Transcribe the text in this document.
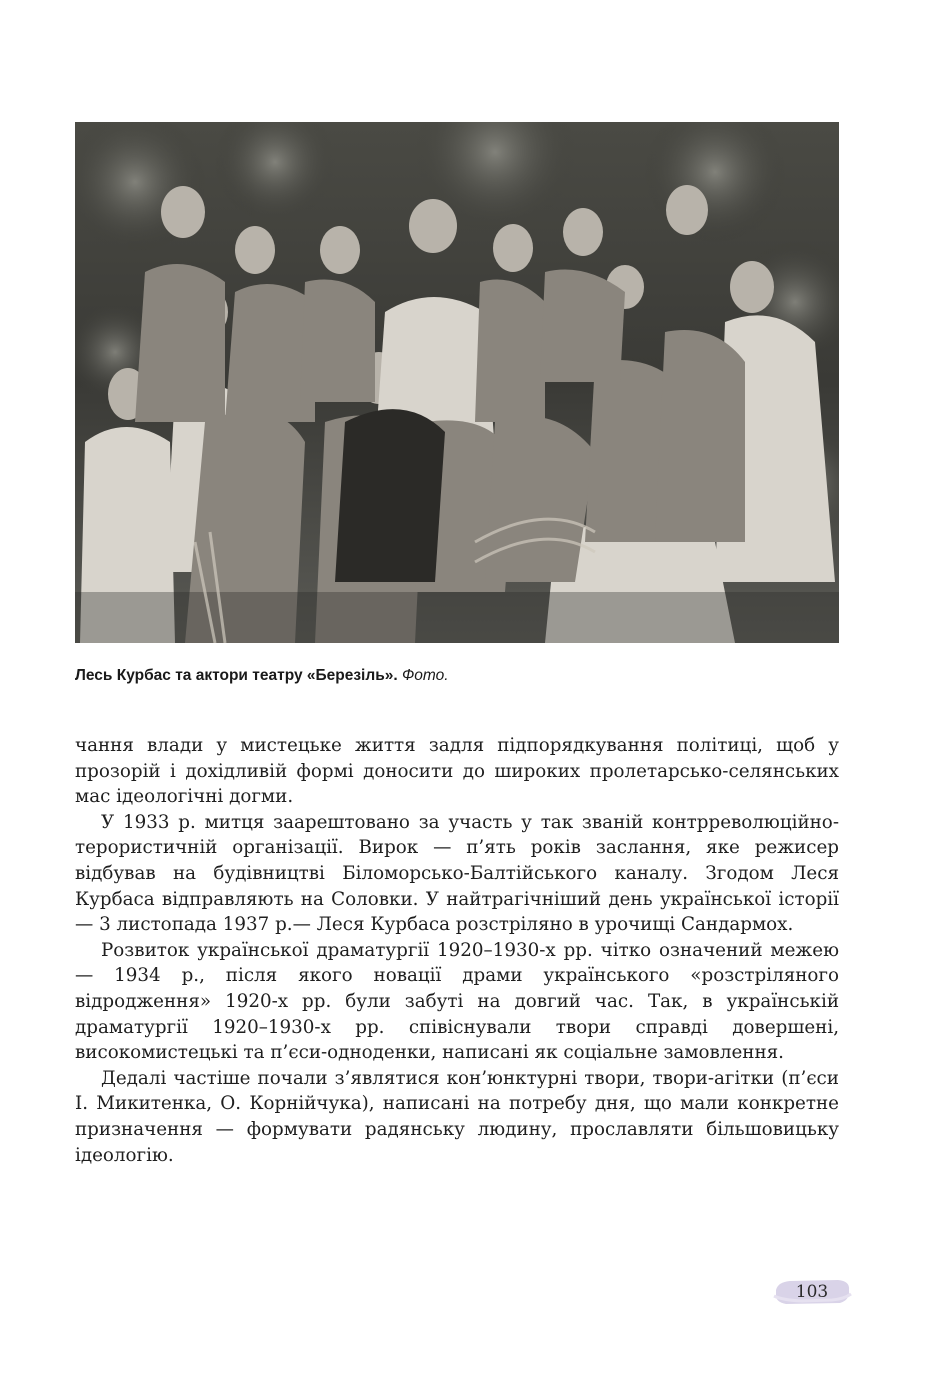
Лесь Курбас та актори театру «Березіль». Фото.

чання влади у мистецьке життя задля підпорядкування політиці, щоб у прозорій і дохідливій формі доносити до широких пролетарсько-селянських мас ідеологічні догми.

У 1933 р. митця заарештовано за участь у так званій контрреволюційно-терористичній організації. Вирок — п’ять років заслання, яке режисер відбував на будівництві Біломорсько-Балтійського каналу. Згодом Леся Курбаса відправляють на Соловки. У найтрагічніший день української історії — 3 листопада 1937 р.— Леся Курбаса розстріляно в урочищі Сандармох.

Розвиток української драматургії 1920–1930-х рр. чітко означений межею — 1934 р., після якого новації драми українського «розстріляного відродження» 1920-х рр. були забуті на довгий час. Так, в українській драматургії 1920–1930-х рр. співіснували твори справді довершені, високомистецькі та п’єси-одноденки, написані як соціальне замовлення.

Дедалі частіше почали з’являтися кон’юнктурні твори, твори-агітки (п’єси І. Микитенка, О. Корнійчука), написані на потребу дня, що мали конкретне призначення — формувати радянську людину, прославляти більшовицьку ідеологію.

103
